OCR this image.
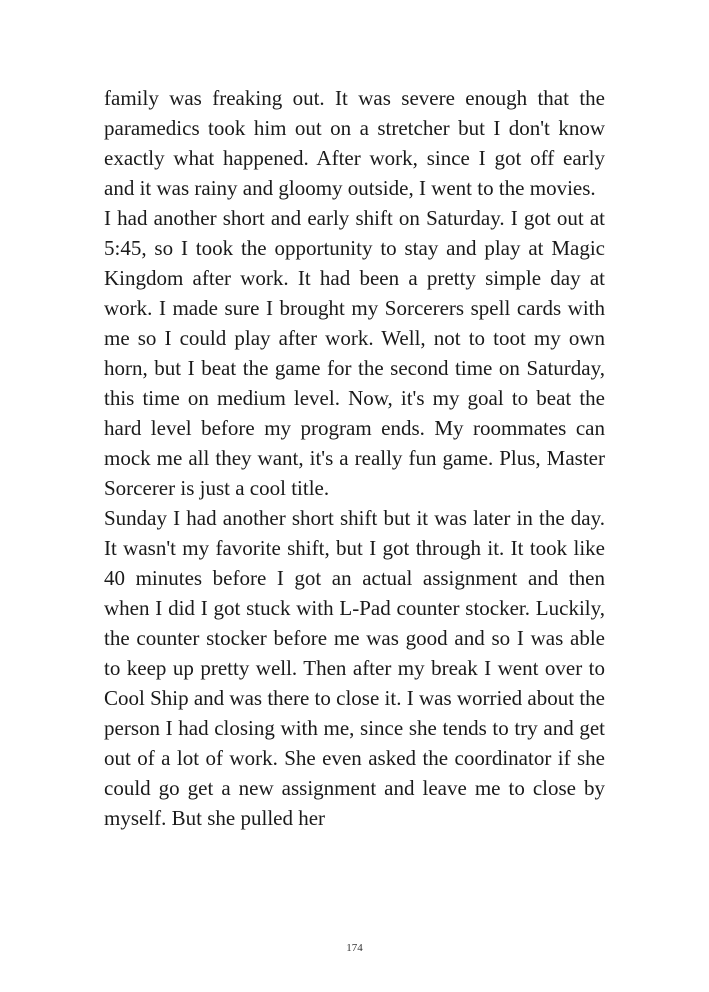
family was freaking out. It was severe enough that the paramedics took him out on a stretcher but I don't know exactly what happened. After work, since I got off early and it was rainy and gloomy outside, I went to the movies.

I had another short and early shift on Saturday. I got out at 5:45, so I took the opportunity to stay and play at Magic Kingdom after work. It had been a pretty simple day at work. I made sure I brought my Sorcerers spell cards with me so I could play after work. Well, not to toot my own horn, but I beat the game for the second time on Saturday, this time on medium level. Now, it's my goal to beat the hard level before my program ends. My roommates can mock me all they want, it's a really fun game. Plus, Master Sorcerer is just a cool title.

Sunday I had another short shift but it was later in the day. It wasn't my favorite shift, but I got through it. It took like 40 minutes before I got an actual assignment and then when I did I got stuck with L-Pad counter stocker. Luckily, the counter stocker before me was good and so I was able to keep up pretty well. Then after my break I went over to Cool Ship and was there to close it. I was worried about the person I had closing with me, since she tends to try and get out of a lot of work. She even asked the coordinator if she could go get a new assignment and leave me to close by myself. But she pulled her

174
